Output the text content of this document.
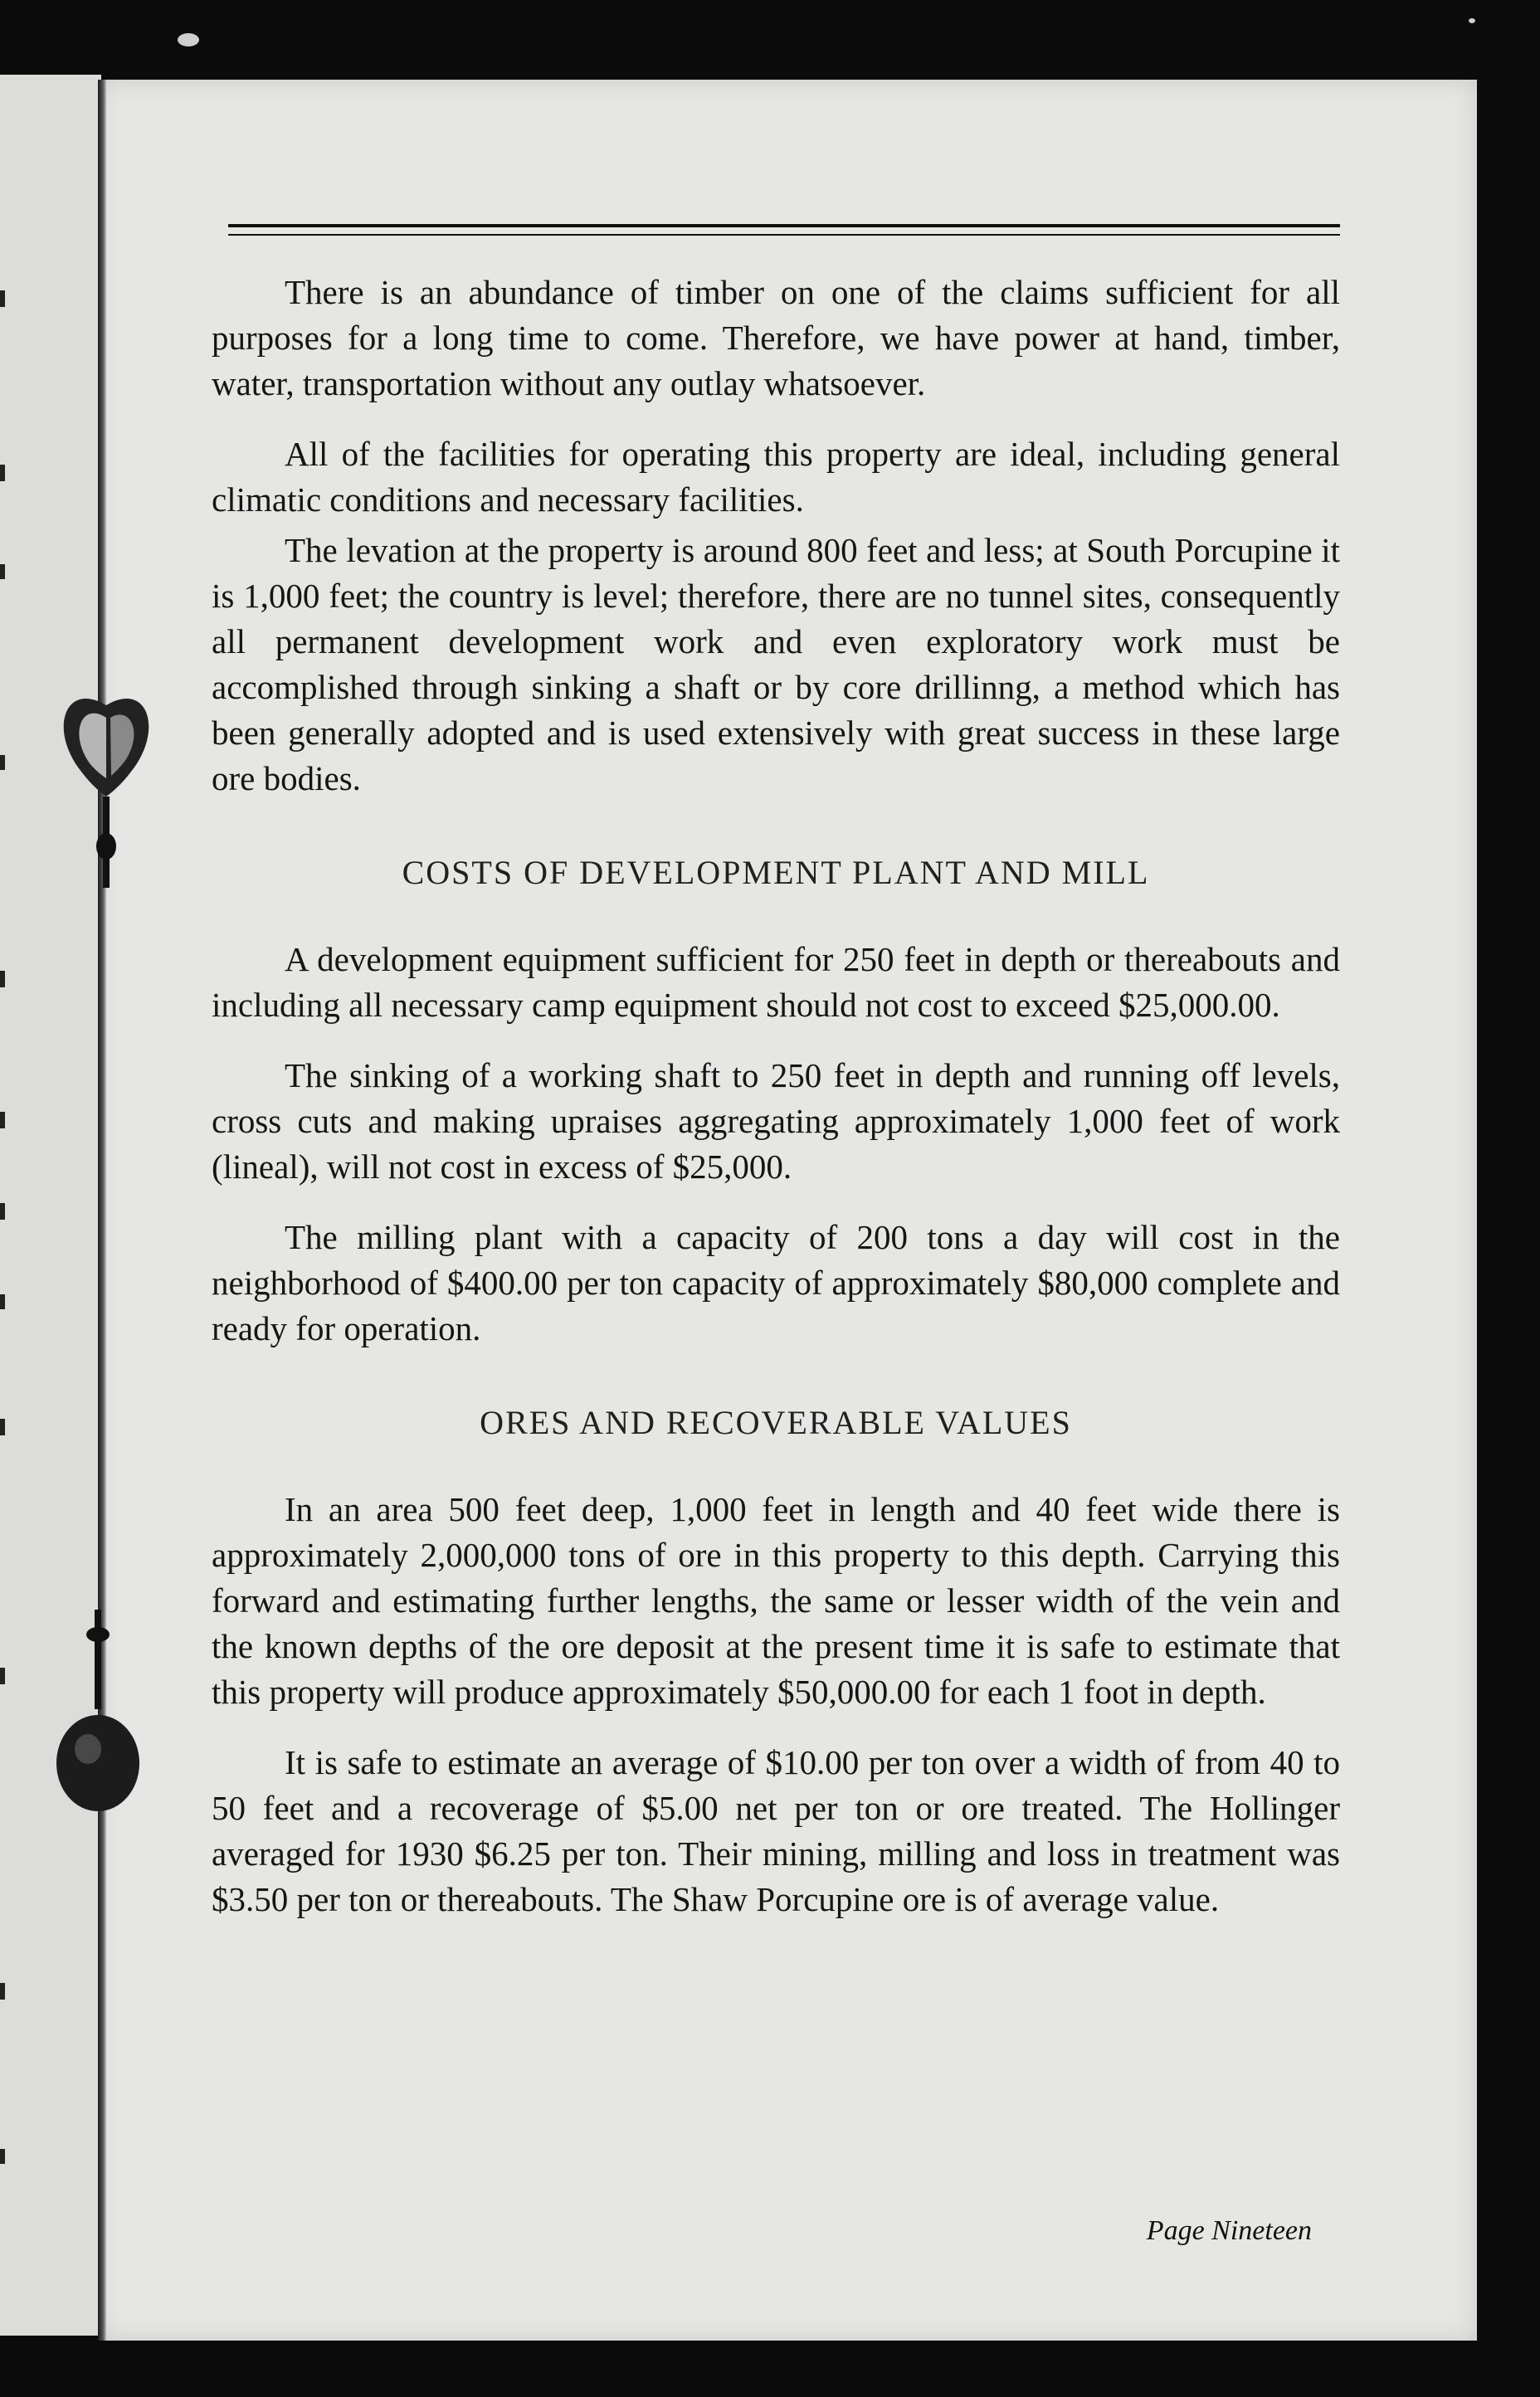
There is an abundance of timber on one of the claims sufficient for all purposes for a long time to come. Therefore, we have power at hand, timber, water, transportation without any outlay whatsoever.

All of the facilities for operating this property are ideal, including general climatic conditions and necessary facilities.

The levation at the property is around 800 feet and less; at South Porcupine it is 1,000 feet; the country is level; therefore, there are no tunnel sites, consequently all permanent development work and even exploratory work must be accomplished through sinking a shaft or by core drillinng, a method which has been generally adopted and is used extensively with great success in these large ore bodies.

COSTS OF DEVELOPMENT PLANT AND MILL

A development equipment sufficient for 250 feet in depth or thereabouts and including all necessary camp equipment should not cost to exceed $25,000.00.

The sinking of a working shaft to 250 feet in depth and running off levels, cross cuts and making upraises aggregating approximately 1,000 feet of work (lineal), will not cost in excess of $25,000.

The milling plant with a capacity of 200 tons a day will cost in the neighborhood of $400.00 per ton capacity of approximately $80,000 complete and ready for operation.

ORES AND RECOVERABLE VALUES

In an area 500 feet deep, 1,000 feet in length and 40 feet wide there is approximately 2,000,000 tons of ore in this property to this depth. Carrying this forward and estimating further lengths, the same or lesser width of the vein and the known depths of the ore deposit at the present time it is safe to estimate that this property will produce approximately $50,000.00 for each 1 foot in depth.

It is safe to estimate an average of $10.00 per ton over a width of from 40 to 50 feet and a recoverage of $5.00 net per ton or ore treated. The Hollinger averaged for 1930 $6.25 per ton. Their mining, milling and loss in treatment was $3.50 per ton or thereabouts. The Shaw Porcupine ore is of average value.

Page Nineteen
